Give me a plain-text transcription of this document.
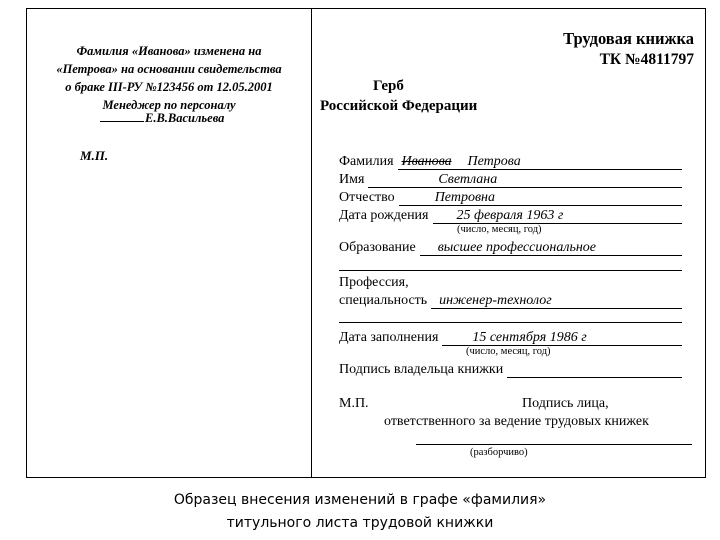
Фамилия «Иванова» изменена на
«Петрова» на основании свидетельства
о браке III-РУ №123456 от 12.05.2001
Менеджер по персоналу
Е.В.Васильева
М.П.
Трудовая книжка
ТК №4811797
Герб
Российской Федерации
Фамилия Иванова Петрова
Имя	Светлана
Отчество	Петровна
Дата рождения 25 февраля 1963 г
(число, месяц, год)
Образование высшее профессиональное
Профессия,
специальность инженер-технолог
Дата заполнения 15 сентября 1986 г
(число, месяц, год)
Подпись владельца книжки
М.П.	Подпись лица,
ответственного за ведение трудовых книжек
(разборчиво)
Образец внесения изменений в графе «фамилия»
титульного листа трудовой книжки
